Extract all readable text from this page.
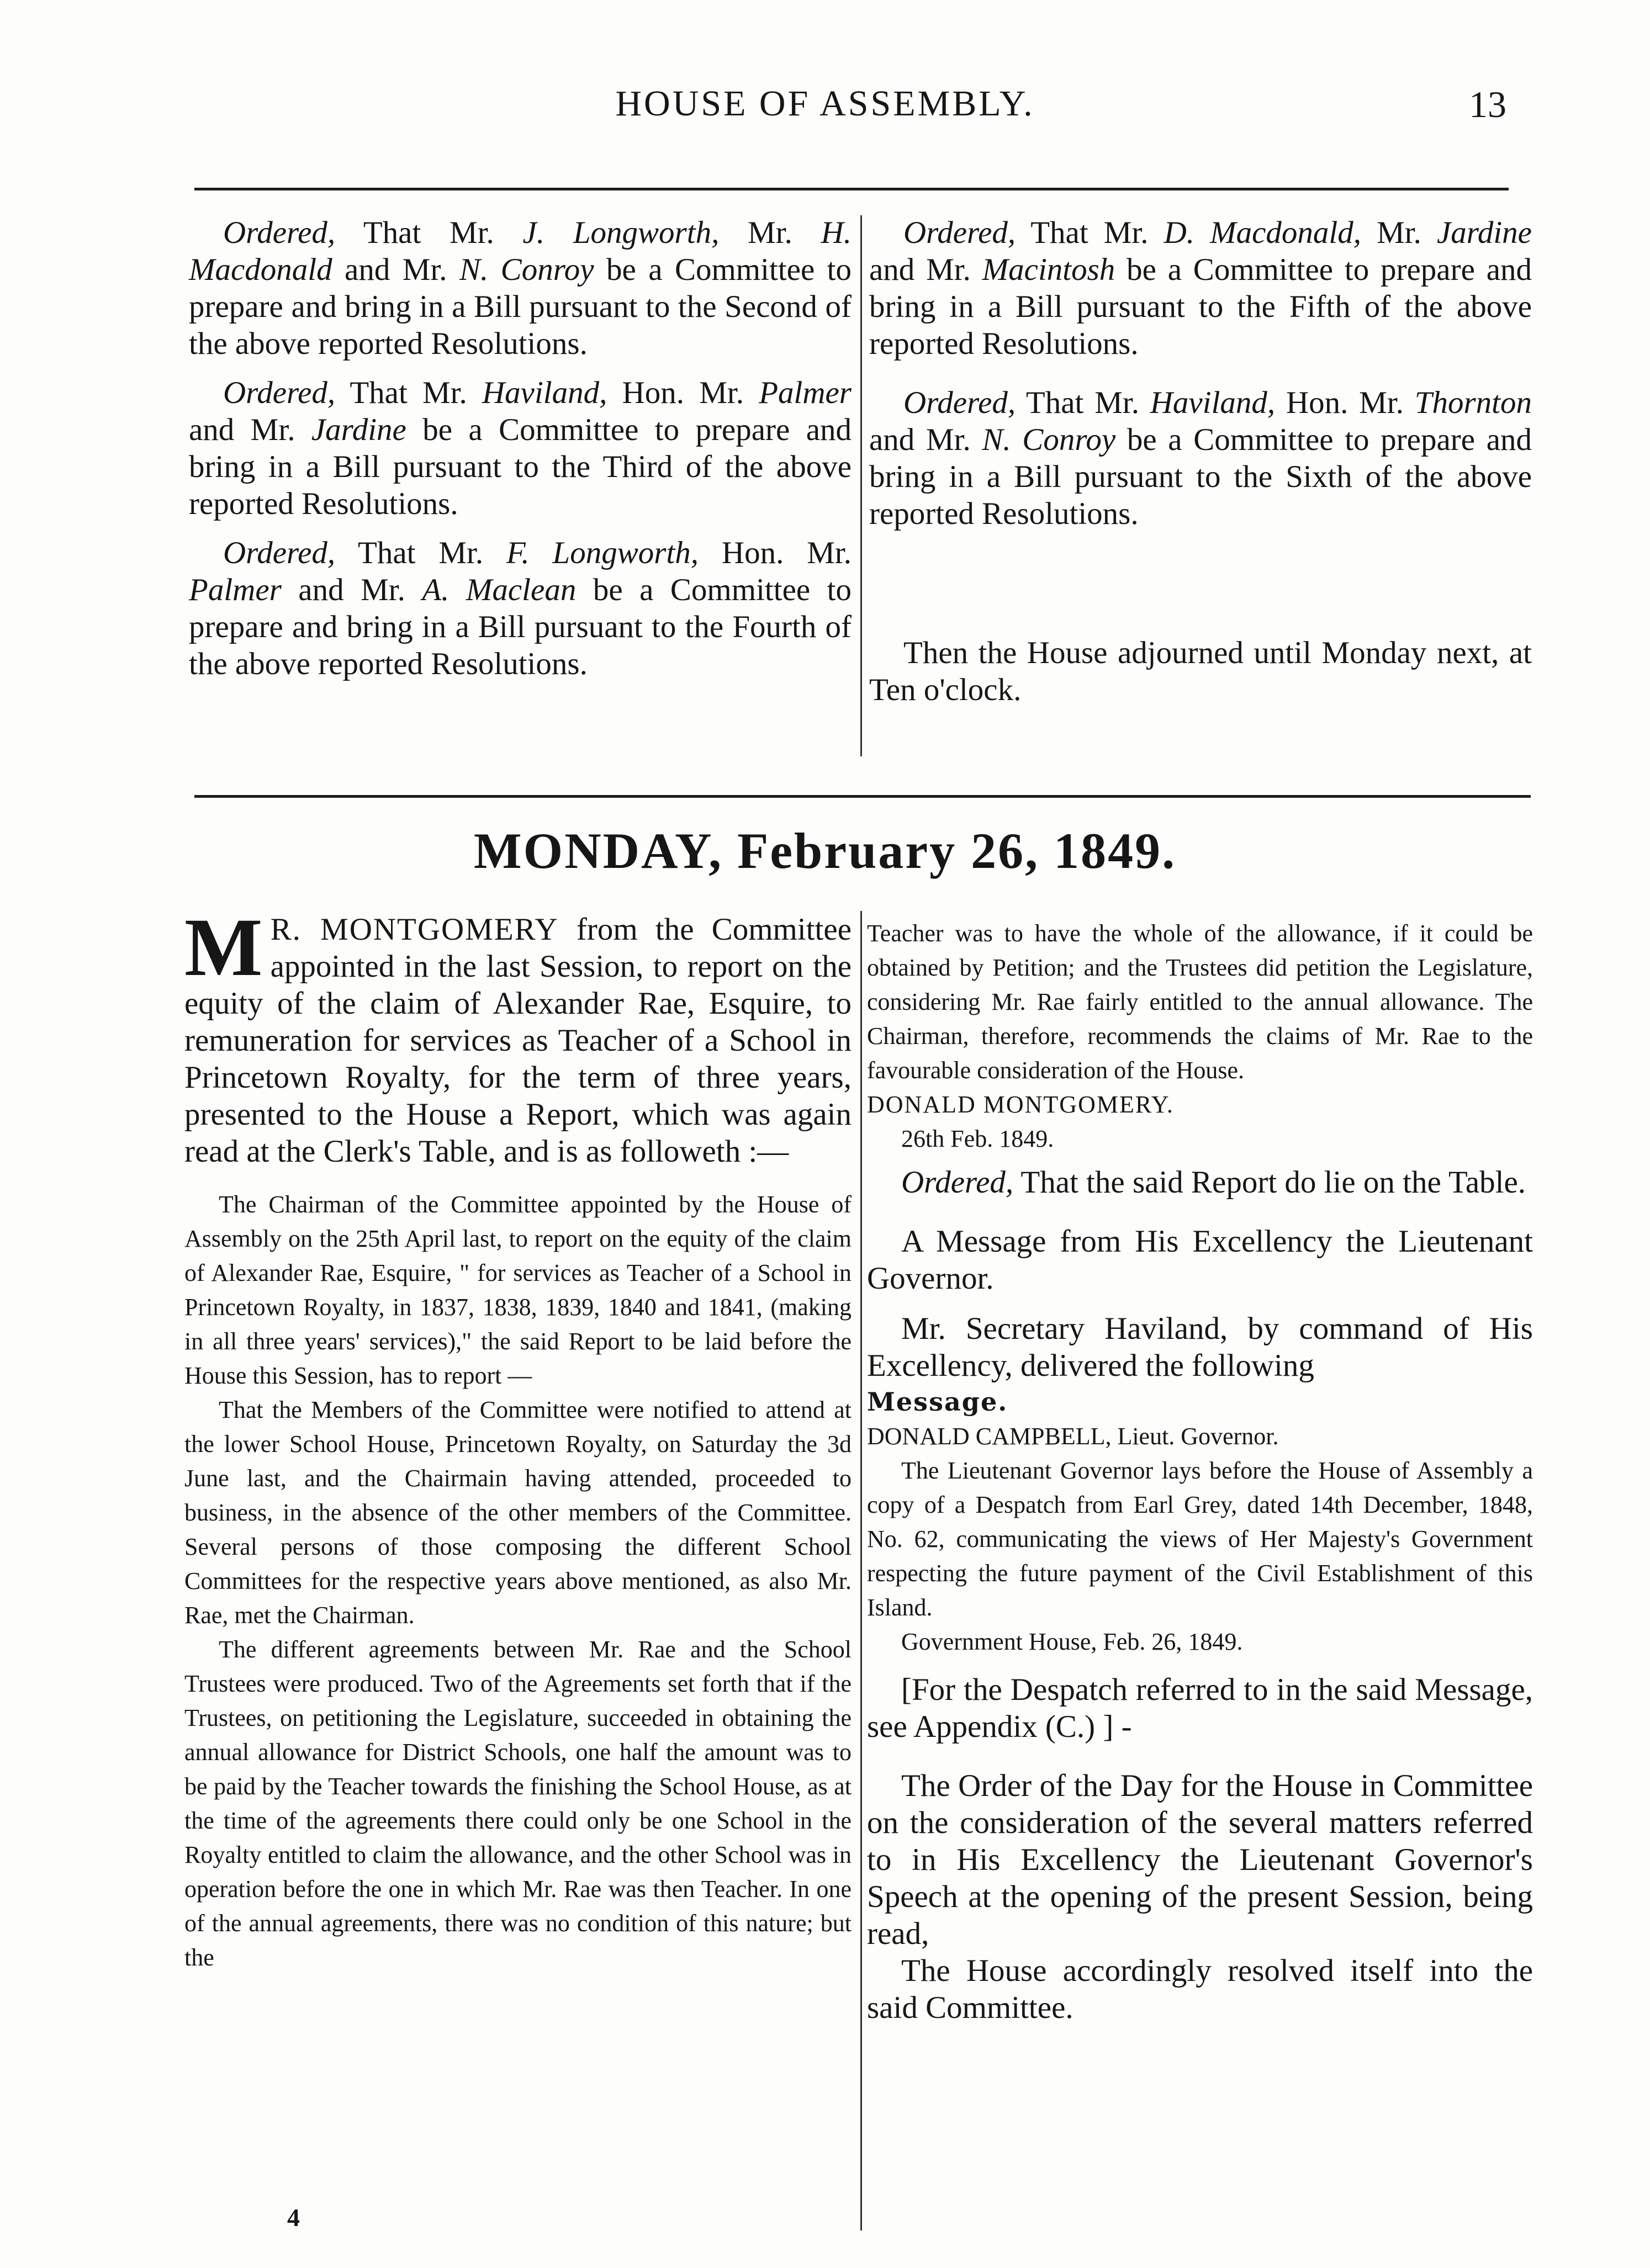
HOUSE OF ASSEMBLY.	13

Ordered, That Mr. J. Longworth, Mr. H. Macdonald and Mr. N. Conroy be a Committee to prepare and bring in a Bill pursuant to the Second of the above reported Resolutions.

Ordered, That Mr. Haviland, Hon. Mr. Palmer and Mr. Jardine be a Committee to prepare and bring in a Bill pursuant to the Third of the above reported Resolutions.

Ordered, That Mr. F. Longworth, Hon. Mr. Palmer and Mr. A. Maclean be a Committee to prepare and bring in a Bill pursuant to the Fourth of the above reported Resolutions.

Ordered, That Mr. D. Macdonald, Mr. Jardine and Mr. Macintosh be a Committee to prepare and bring in a Bill pursuant to the Fifth of the above reported Resolutions.

Ordered, That Mr. Haviland, Hon. Mr. Thornton and Mr. N. Conroy be a Committee to prepare and bring in a Bill pursuant to the Sixth of the above reported Resolutions.

Then the House adjourned until Monday next, at Ten o'clock.

MONDAY, February 26, 1849.

M R. MONTGOMERY from the Committee appointed in the last Session, to report on the equity of the claim of Alexander Rae, Esquire, to remuneration for services as Teacher of a School in Princetown Royalty, for the term of three years, presented to the House a Report, which was again read at the Clerk's Table, and is as followeth :—

The Chairman of the Committee appointed by the House of Assembly on the 25th April last, to report on the equity of the claim of Alexander Rae, Esquire, " for services as Teacher of a School in Princetown Royalty, in 1837, 1838, 1839, 1840 and 1841, (making in all three years' services)," the said Report to be laid before the House this Session, has to report —

That the Members of the Committee were notified to attend at the lower School House, Princetown Royalty, on Saturday the 3d June last, and the Chairmain having attended, proceeded to business, in the absence of the other members of the Committee. Several persons of those composing the different School Committees for the respective years above mentioned, as also Mr. Rae, met the Chairman.

The different agreements between Mr. Rae and the School Trustees were produced. Two of the Agreements set forth that if the Trustees, on petitioning the Legislature, succeeded in obtaining the annual allowance for District Schools, one half the amount was to be paid by the Teacher towards the finishing the School House, as at the time of the agreements there could only be one School in the Royalty entitled to claim the allowance, and the other School was in operation before the one in which Mr. Rae was then Teacher. In one of the annual agreements, there was no condition of this nature; but the

Teacher was to have the whole of the allowance, if it could be obtained by Petition; and the Trustees did petition the Legislature, considering Mr. Rae fairly entitled to the annual allowance. The Chairman, therefore, recommends the claims of Mr. Rae to the favourable consideration of the House.

DONALD MONTGOMERY.

26th Feb. 1849.

Ordered, That the said Report do lie on the Table.

A Message from His Excellency the Lieutenant Governor.

Mr. Secretary Haviland, by command of His Excellency, delivered the following

Message.

DONALD CAMPBELL, Lieut. Governor.

The Lieutenant Governor lays before the House of Assembly a copy of a Despatch from Earl Grey, dated 14th December, 1848, No. 62, communicating the views of Her Majesty's Government respecting the future payment of the Civil Establishment of this Island.

Government House, Feb. 26, 1849.

[For the Despatch referred to in the said Message, see Appendix (C.) ] -

The Order of the Day for the House in Committee on the consideration of the several matters referred to in His Excellency the Lieutenant Governor's Speech at the opening of the present Session, being read,

The House accordingly resolved itself into the said Committee.

4
